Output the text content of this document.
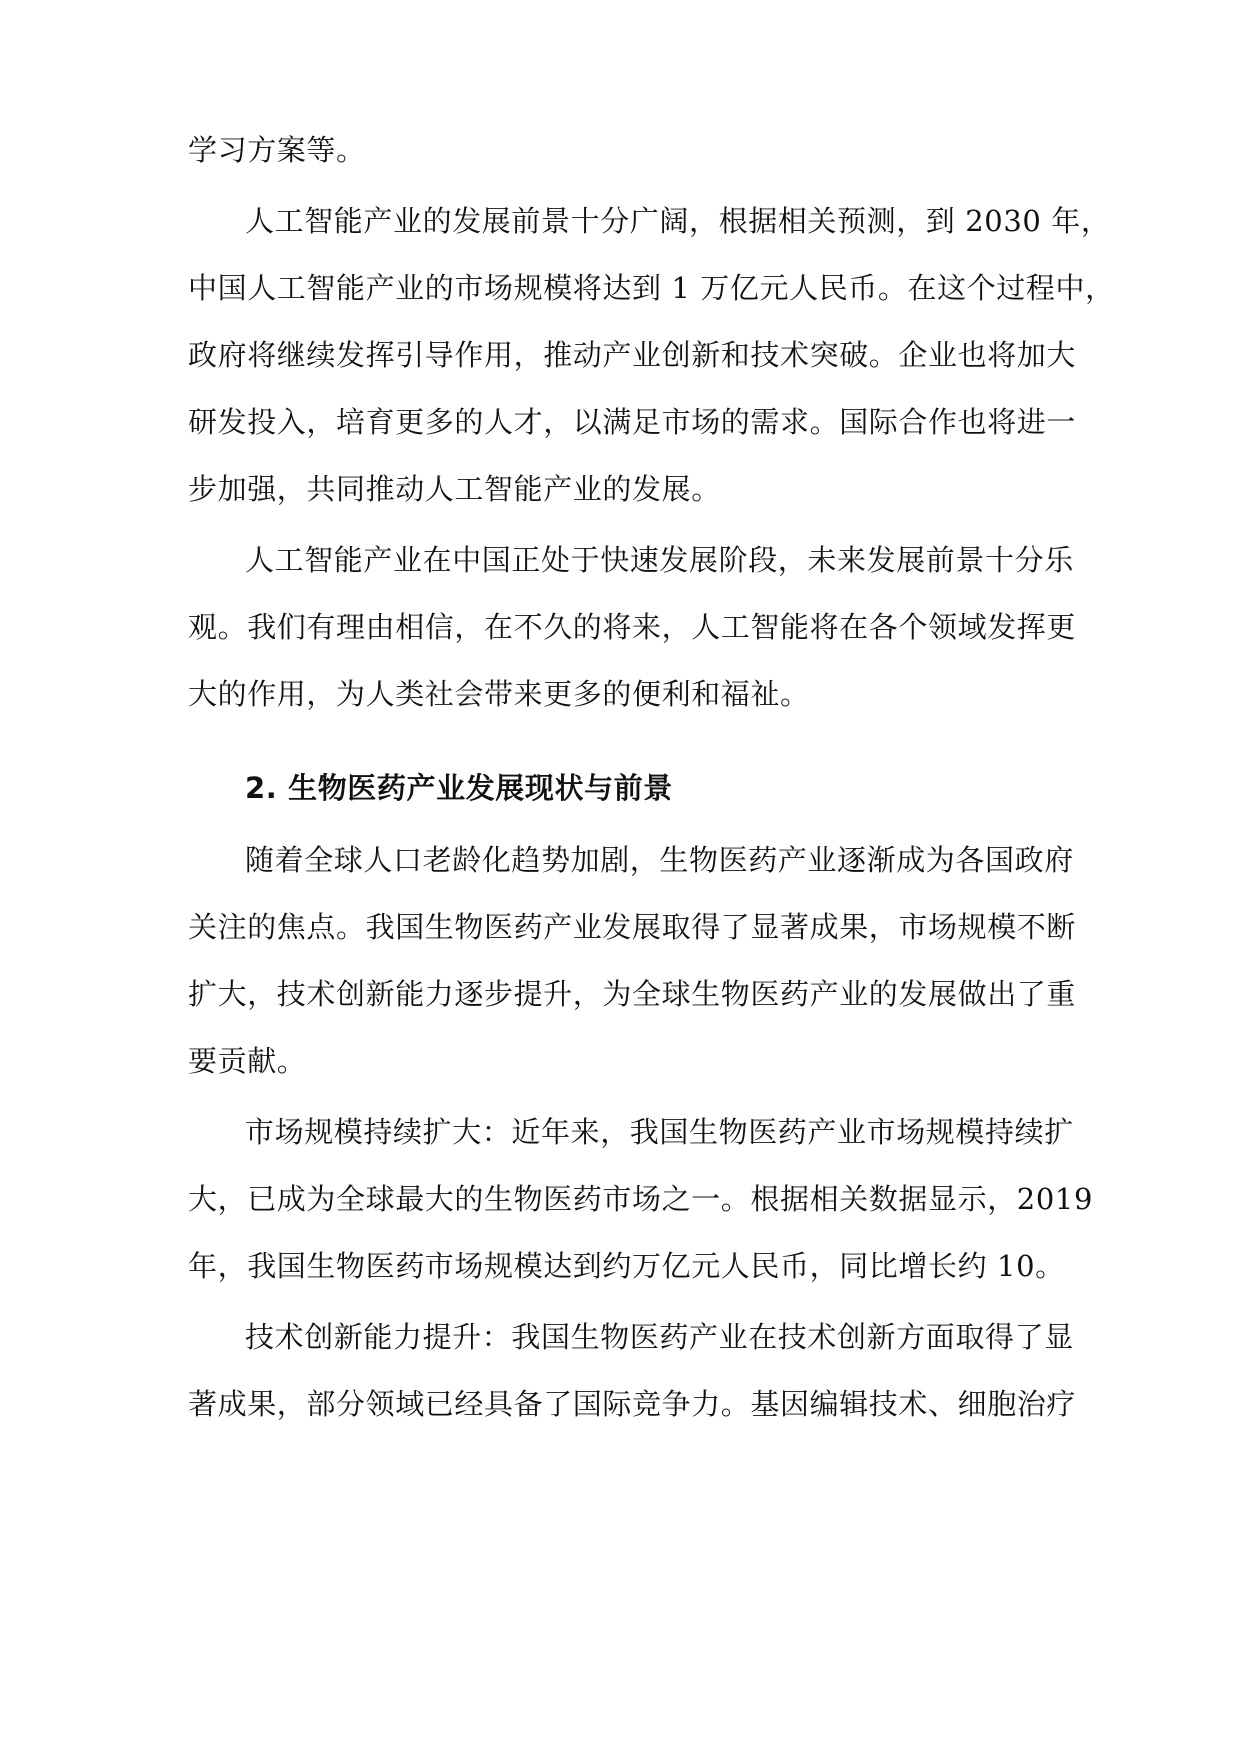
学习方案等。
人工智能产业的发展前景十分广阔，根据相关预测，到 2030 年，
中国人工智能产业的市场规模将达到 1 万亿元人民币。在这个过程中，
政府将继续发挥引导作用，推动产业创新和技术突破。企业也将加大
研发投入，培育更多的人才，以满足市场的需求。国际合作也将进一
步加强，共同推动人工智能产业的发展。
人工智能产业在中国正处于快速发展阶段，未来发展前景十分乐
观。我们有理由相信，在不久的将来，人工智能将在各个领域发挥更
大的作用，为人类社会带来更多的便利和福祉。
2. 生物医药产业发展现状与前景
随着全球人口老龄化趋势加剧，生物医药产业逐渐成为各国政府
关注的焦点。我国生物医药产业发展取得了显著成果，市场规模不断
扩大，技术创新能力逐步提升，为全球生物医药产业的发展做出了重
要贡献。
市场规模持续扩大：近年来，我国生物医药产业市场规模持续扩
大，已成为全球最大的生物医药市场之一。根据相关数据显示，2019
年，我国生物医药市场规模达到约万亿元人民币，同比增长约 10。
技术创新能力提升：我国生物医药产业在技术创新方面取得了显
著成果，部分领域已经具备了国际竞争力。基因编辑技术、细胞治疗
